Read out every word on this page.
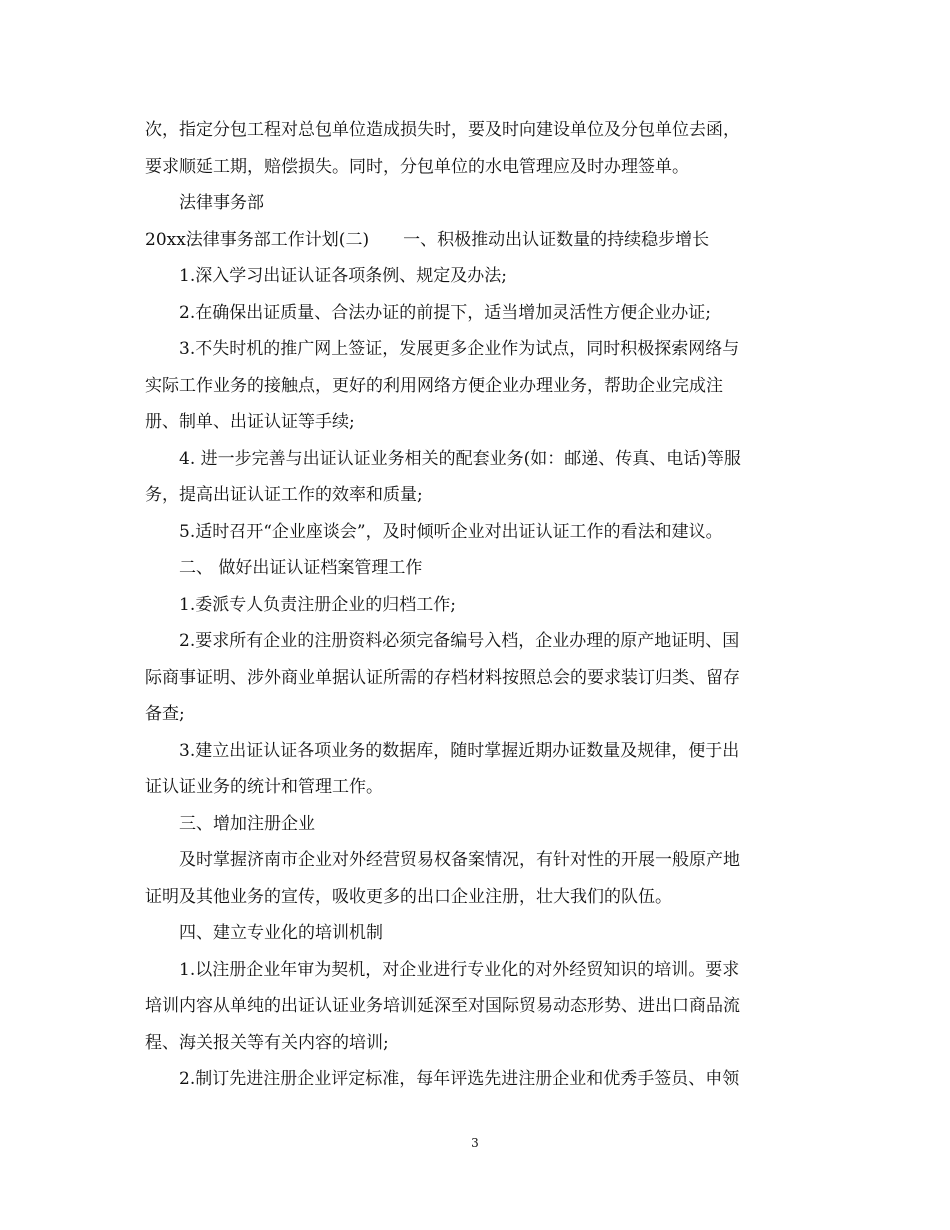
次，指定分包工程对总包单位造成损失时，要及时向建设单位及分包单位去函，
要求顺延工期，赔偿损失。同时，分包单位的水电管理应及时办理签单。
法律事务部
20xx法律事务部工作计划(二)　　一、积极推动出认证数量的持续稳步增长
1.深入学习出证认证各项条例、规定及办法;
2.在确保出证质量、合法办证的前提下，适当增加灵活性方便企业办证;
3.不失时机的推广网上签证，发展更多企业作为试点，同时积极探索网络与
实际工作业务的接触点，更好的利用网络方便企业办理业务，帮助企业完成注
册、制单、出证认证等手续;
4. 进一步完善与出证认证业务相关的配套业务(如：邮递、传真、电话)等服
务，提高出证认证工作的效率和质量;
5.适时召开“企业座谈会”，及时倾听企业对出证认证工作的看法和建议。
二、 做好出证认证档案管理工作
1.委派专人负责注册企业的归档工作;
2.要求所有企业的注册资料必须完备编号入档，企业办理的原产地证明、国
际商事证明、涉外商业单据认证所需的存档材料按照总会的要求装订归类、留存
备查;
3.建立出证认证各项业务的数据库，随时掌握近期办证数量及规律，便于出
证认证业务的统计和管理工作。
三、增加注册企业
及时掌握济南市企业对外经营贸易权备案情况，有针对性的开展一般原产地
证明及其他业务的宣传，吸收更多的出口企业注册，壮大我们的队伍。
四、建立专业化的培训机制
1.以注册企业年审为契机，对企业进行专业化的对外经贸知识的培训。要求
培训内容从单纯的出证认证业务培训延深至对国际贸易动态形势、进出口商品流
程、海关报关等有关内容的培训;
2.制订先进注册企业评定标准，每年评选先进注册企业和优秀手签员、申领
3
